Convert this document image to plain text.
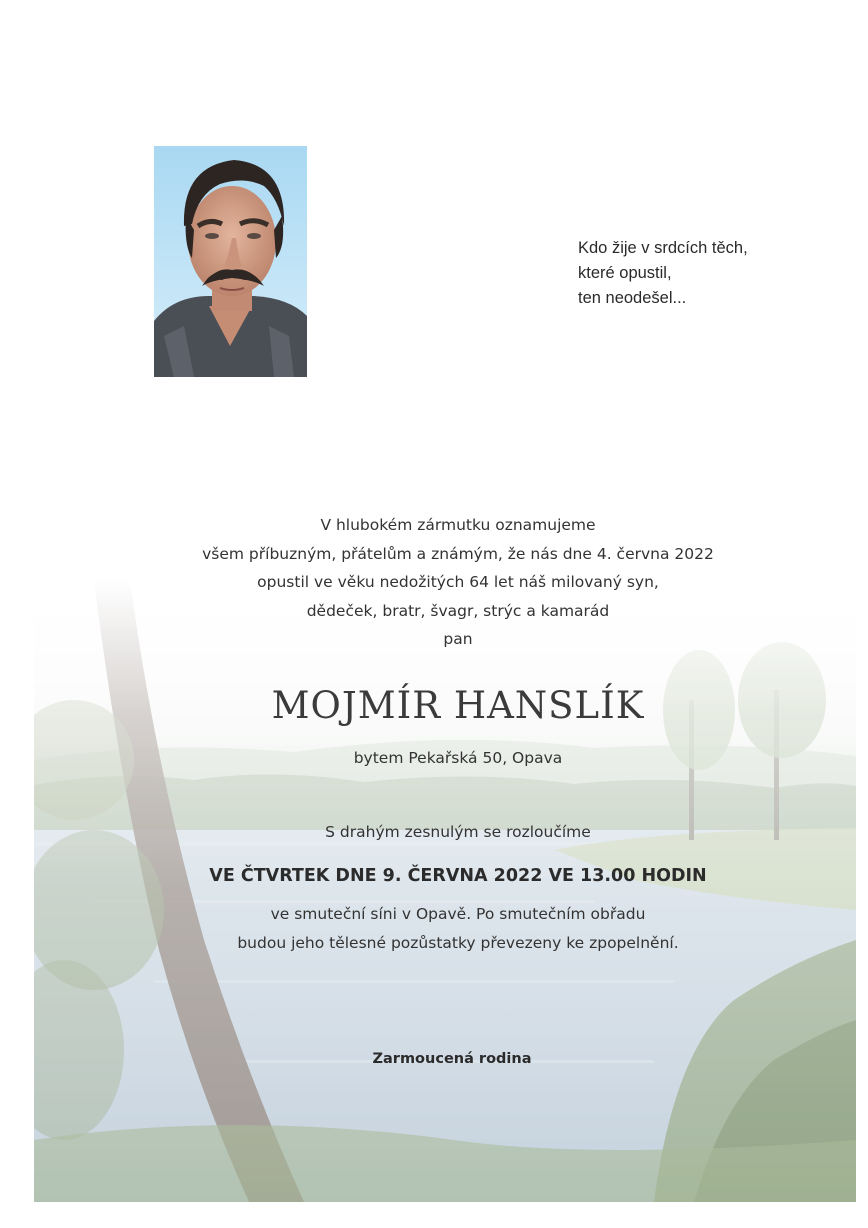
Kdo žije v srdcích těch,
které opustil,
ten neodešel...
V hlubokém zármutku oznamujeme
všem příbuzným, přátelům a známým, že nás dne 4. června 2022
opustil ve věku nedožitých 64 let náš milovaný syn,
dědeček, bratr, švagr, strýc a kamarád
pan
MOJMÍR HANSLÍK
bytem Pekařská 50, Opava
S drahým zesnulým se rozloučíme
VE ČTVRTEK DNE 9. ČERVNA 2022 VE 13.00 HODIN
ve smuteční síni v Opavě. Po smutečním obřadu
budou jeho tělesné pozůstatky převezeny ke zpopelnění.
Zarmoucená rodina
